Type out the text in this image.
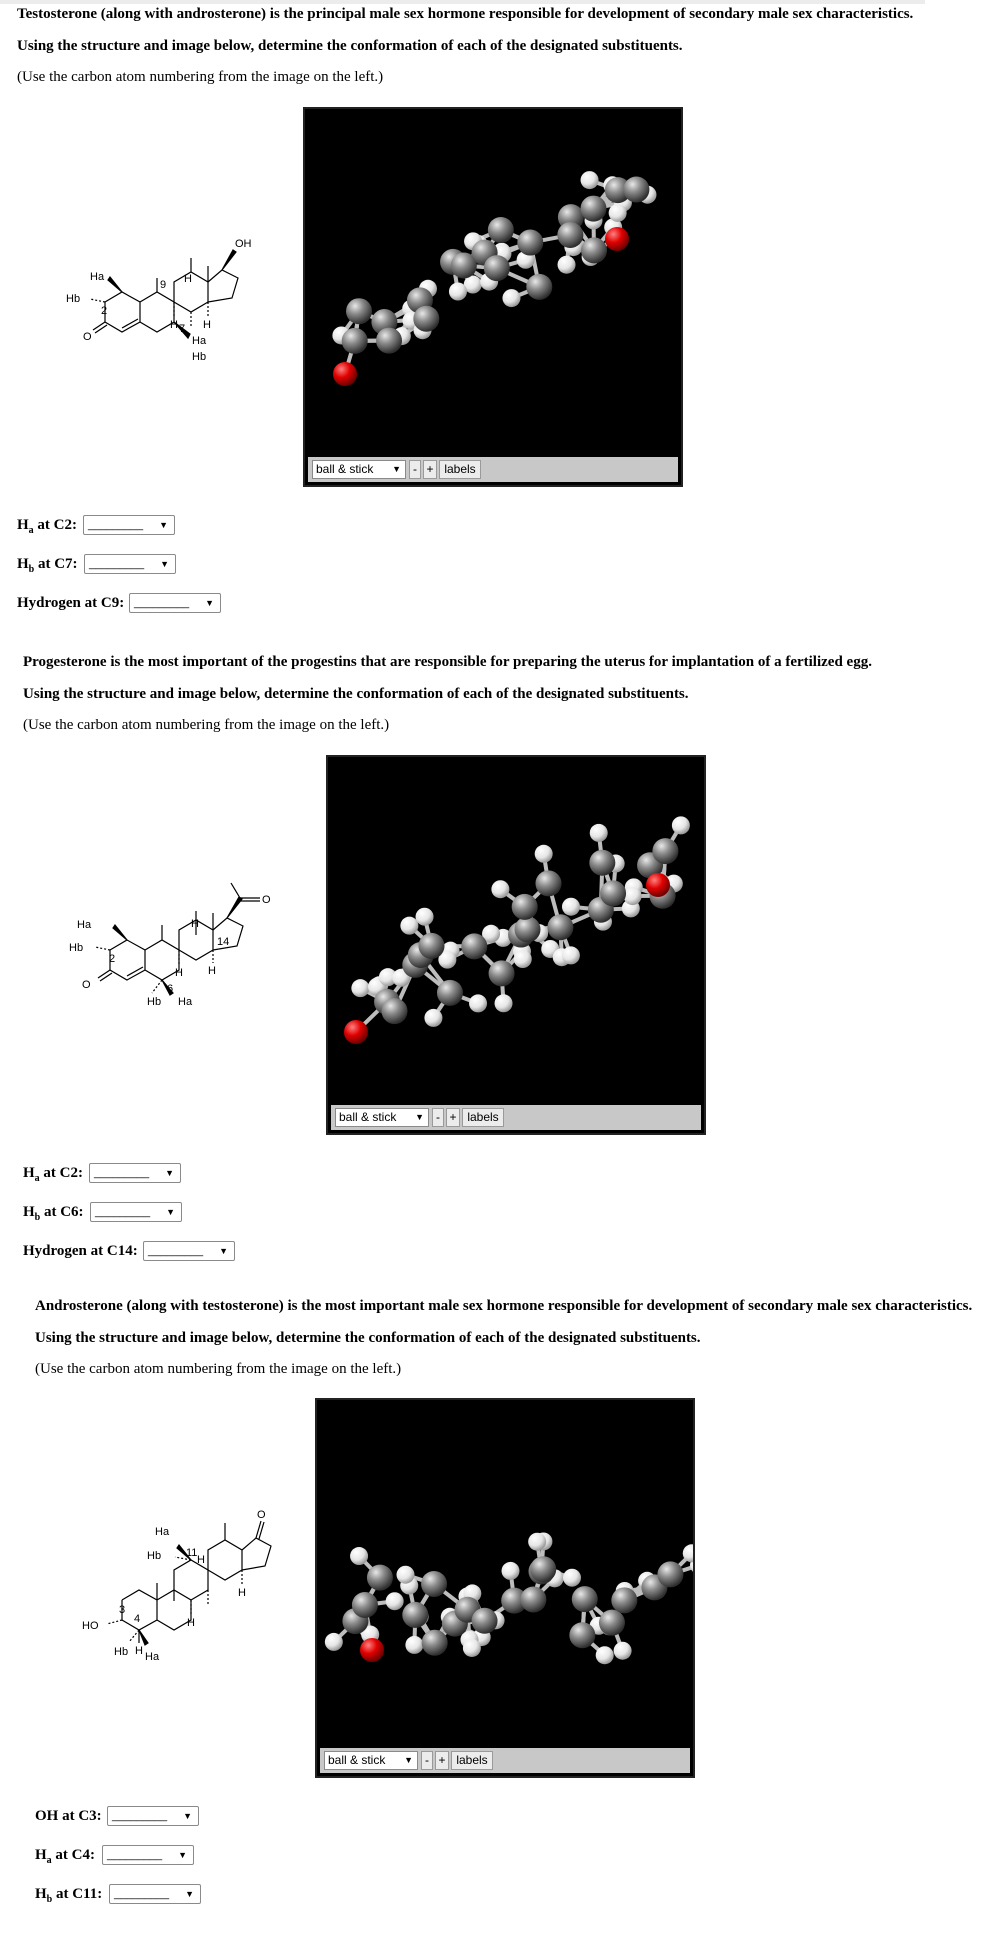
Testosterone (along with androsterone) is the principal male sex hormone responsible for development of secondary male sex characteristics.
Using the structure and image below, determine the conformation of each of the designated substituents.
(Use the carbon atom numbering from the image on the left.)
OH
9 H
H H
2
7
Ha
Hb
Ha
Hb
O
ball & stick ▼	- + labels
$H_a$ at C2:	_________ ▼
$H_b$ at C7:	_________ ▼
Hydrogen at C9: _________ ▼
Progesterone is the most important of the progestins that are responsible for preparing the uterus for implantation of a fertilized egg.
Using the structure and image below, determine the conformation of each of the designated substituents.
(Use the carbon atom numbering from the image on the left.)
O
H
14
H H
2
6
Ha
Hb
Hb Ha
O
ball & stick ▼	- + labels
$H_a$ at C2:	_________ ▼
$H_b$ at C6:	_________ ▼
Hydrogen at C14: _________ ▼
Androsterone (along with testosterone) is the most important male sex hormone responsible for development of secondary male sex characteristics.
Using the structure and image below, determine the conformation of each of the designated substituents.
(Use the carbon atom numbering from the image on the left.)
O
Ha
Hb 11
H
H
H
3
4
HO
H
Hb Ha
ball & stick ▼	- + labels
OH at C3: _________ ▼
$H_a$ at C4:	_________ ▼
$H_b$ at C11:	_________ ▼
